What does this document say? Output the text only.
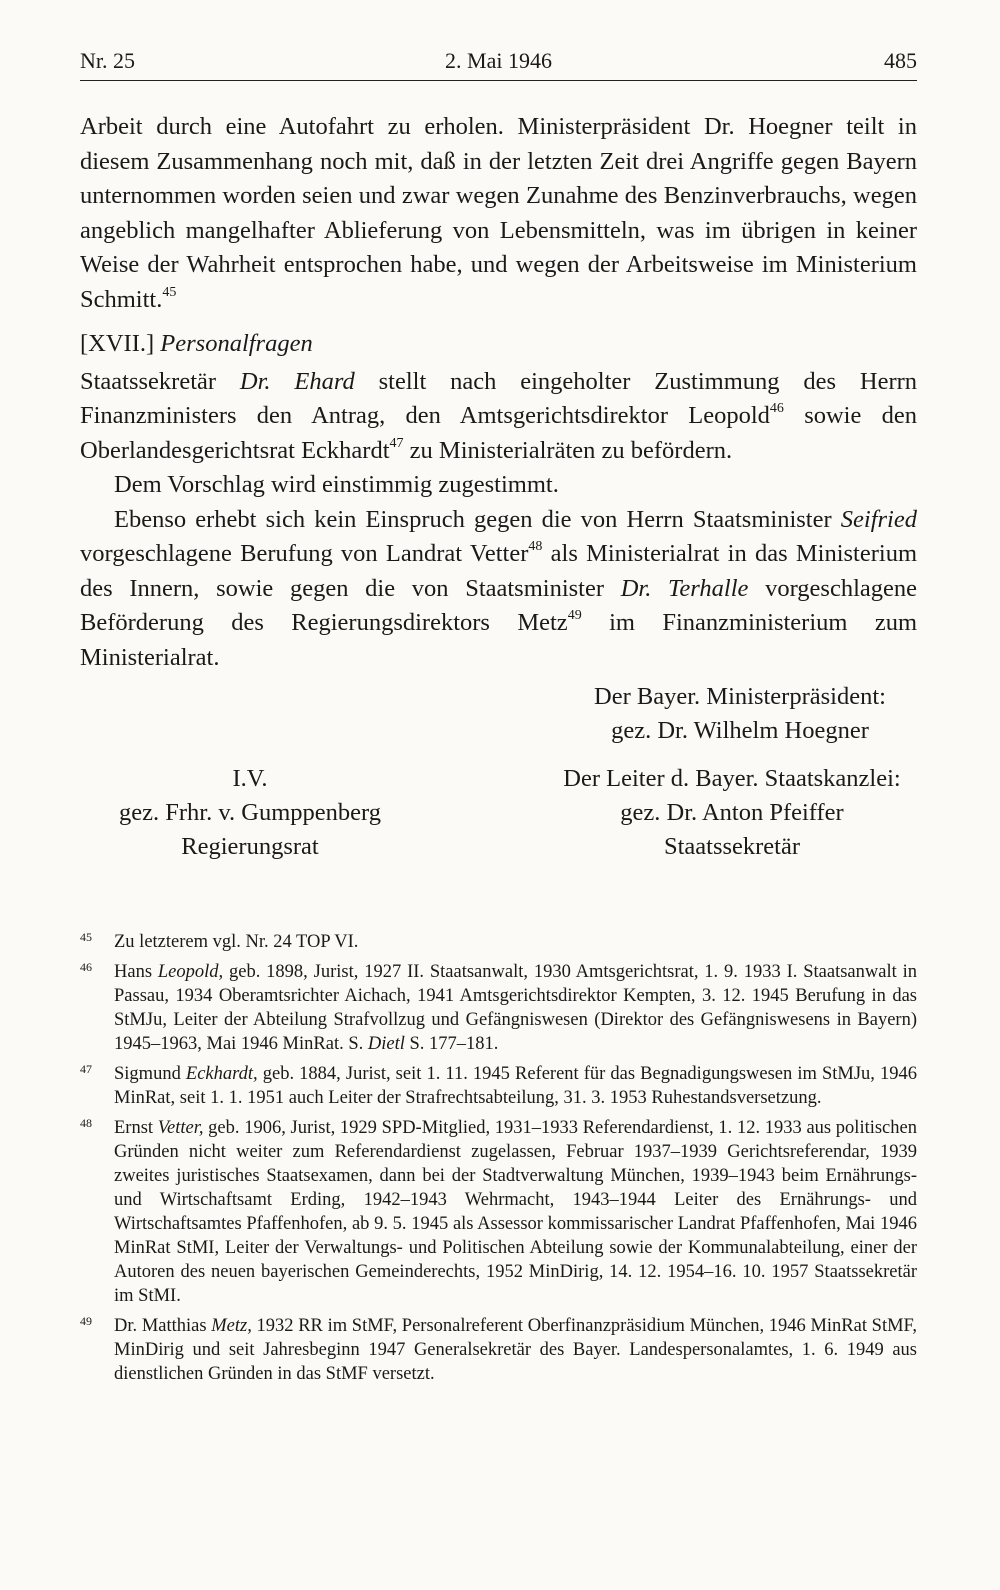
Nr. 25	2. Mai 1946	485

Arbeit durch eine Autofahrt zu erholen. Ministerpräsident Dr. Hoegner teilt in diesem Zusammenhang noch mit, daß in der letzten Zeit drei Angriffe gegen Bayern unternommen worden seien und zwar wegen Zunahme des Benzinverbrauchs, wegen angeblich mangelhafter Ablieferung von Lebensmitteln, was im übrigen in keiner Weise der Wahrheit entsprochen habe, und wegen der Arbeitsweise im Ministerium Schmitt.$^{45}$

[XVII.] Personalfragen

Staatssekretär Dr. Ehard stellt nach eingeholter Zustimmung des Herrn Finanzministers den Antrag, den Amtsgerichtsdirektor Leopold$^{46}$ sowie den Oberlandesgerichtsrat Eckhardt$^{47}$ zu Ministerialräten zu befördern.

Dem Vorschlag wird einstimmig zugestimmt.

Ebenso erhebt sich kein Einspruch gegen die von Herrn Staatsminister Seifried vorgeschlagene Berufung von Landrat Vetter$^{48}$ als Ministerialrat in das Ministerium des Innern, sowie gegen die von Staatsminister Dr. Terhalle vorgeschlagene Beförderung des Regierungsdirektors Metz$^{49}$ im Finanzministerium zum Ministerialrat.

Der Bayer. Ministerpräsident:
gez. Dr. Wilhelm Hoegner
I.V.
gez. Frhr. v. Gumppenberg
Regierungsrat
Der Leiter d. Bayer. Staatskanzlei:
gez. Dr. Anton Pfeiffer
Staatssekretär

45 Zu letzterem vgl. Nr. 24 TOP VI.

46 Hans Leopold, geb. 1898, Jurist, 1927 II. Staatsanwalt, 1930 Amtsgerichtsrat, 1. 9. 1933 I. Staatsanwalt in Passau, 1934 Oberamtsrichter Aichach, 1941 Amtsgerichtsdirektor Kempten, 3. 12. 1945 Berufung in das StMJu, Leiter der Abteilung Strafvollzug und Gefängniswesen (Direktor des Gefängniswesens in Bayern) 1945–1963, Mai 1946 MinRat. S. Dietl S. 177–181.

47 Sigmund Eckhardt, geb. 1884, Jurist, seit 1. 11. 1945 Referent für das Begnadigungswesen im StMJu, 1946 MinRat, seit 1. 1. 1951 auch Leiter der Strafrechtsabteilung, 31. 3. 1953 Ruhestandsversetzung.

48 Ernst Vetter, geb. 1906, Jurist, 1929 SPD-Mitglied, 1931–1933 Referendardienst, 1. 12. 1933 aus politischen Gründen nicht weiter zum Referendardienst zugelassen, Februar 1937–1939 Gerichtsreferendar, 1939 zweites juristisches Staatsexamen, dann bei der Stadtverwaltung München, 1939–1943 beim Ernährungs- und Wirtschaftsamt Erding, 1942–1943 Wehrmacht, 1943–1944 Leiter des Ernährungs- und Wirtschaftsamtes Pfaffenhofen, ab 9. 5. 1945 als Assessor kommissarischer Landrat Pfaffenhofen, Mai 1946 MinRat StMI, Leiter der Verwaltungs- und Politischen Abteilung sowie der Kommunalabteilung, einer der Autoren des neuen bayerischen Gemeinderechts, 1952 MinDirig, 14. 12. 1954–16. 10. 1957 Staatssekretär im StMI.

49 Dr. Matthias Metz, 1932 RR im StMF, Personalreferent Oberfinanzpräsidium München, 1946 MinRat StMF, MinDirig und seit Jahresbeginn 1947 Generalsekretär des Bayer. Landespersonalamtes, 1. 6. 1949 aus dienstlichen Gründen in das StMF versetzt.
